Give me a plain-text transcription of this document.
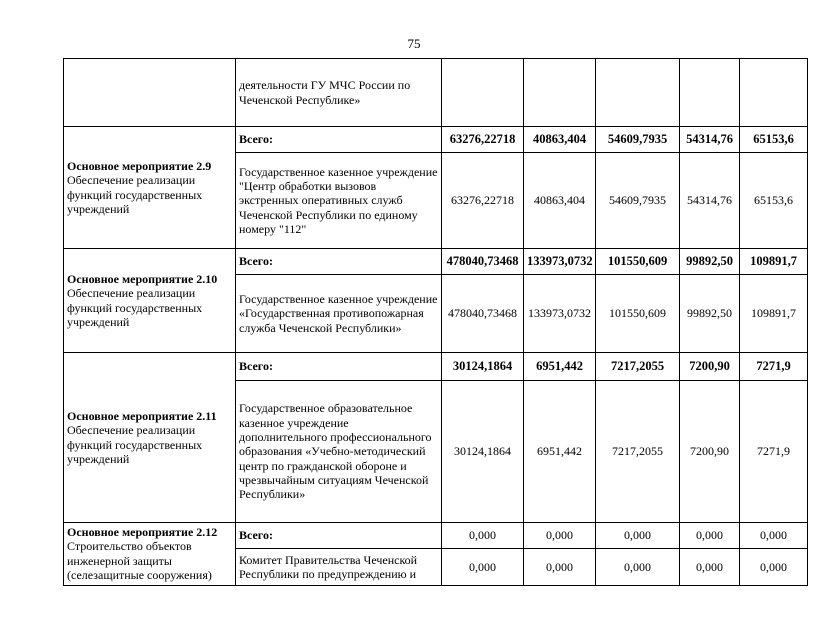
75

	деятельности ГУ МЧС России по Чеченской Республике»					

Основное мероприятие 2.9
Обеспечение реализации функций государственных учреждений	Всего:	63276,22718	40863,404	54609,7935	54314,76	65153,6
	Государственное казенное учреждение "Центр обработки вызовов экстренных оперативных служб Чеченской Республики по единому номеру "112"	63276,22718	40863,404	54609,7935	54314,76	65153,6

Основное мероприятие 2.10
Обеспечение реализации функций государственных учреждений	Всего:	478040,73468	133973,0732	101550,609	99892,50	109891,7
	Государственное казенное учреждение «Государственная противопожарная служба Чеченской Республики»	478040,73468	133973,0732	101550,609	99892,50	109891,7

Основное мероприятие 2.11
Обеспечение реализации функций государственных учреждений	Всего:	30124,1864	6951,442	7217,2055	7200,90	7271,9
	Государственное образовательное казенное учреждение дополнительного профессионального образования «Учебно-методический центр по гражданской обороне и чрезвычайным ситуациям Чеченской Республики»	30124,1864	6951,442	7217,2055	7200,90	7271,9

Основное мероприятие 2.12
Строительство объектов инженерной защиты (селезащитные сооружения)	Всего:	0,000	0,000	0,000	0,000	0,000
	Комитет Правительства Чеченской Республики по предупреждению и	0,000	0,000	0,000	0,000	0,000
